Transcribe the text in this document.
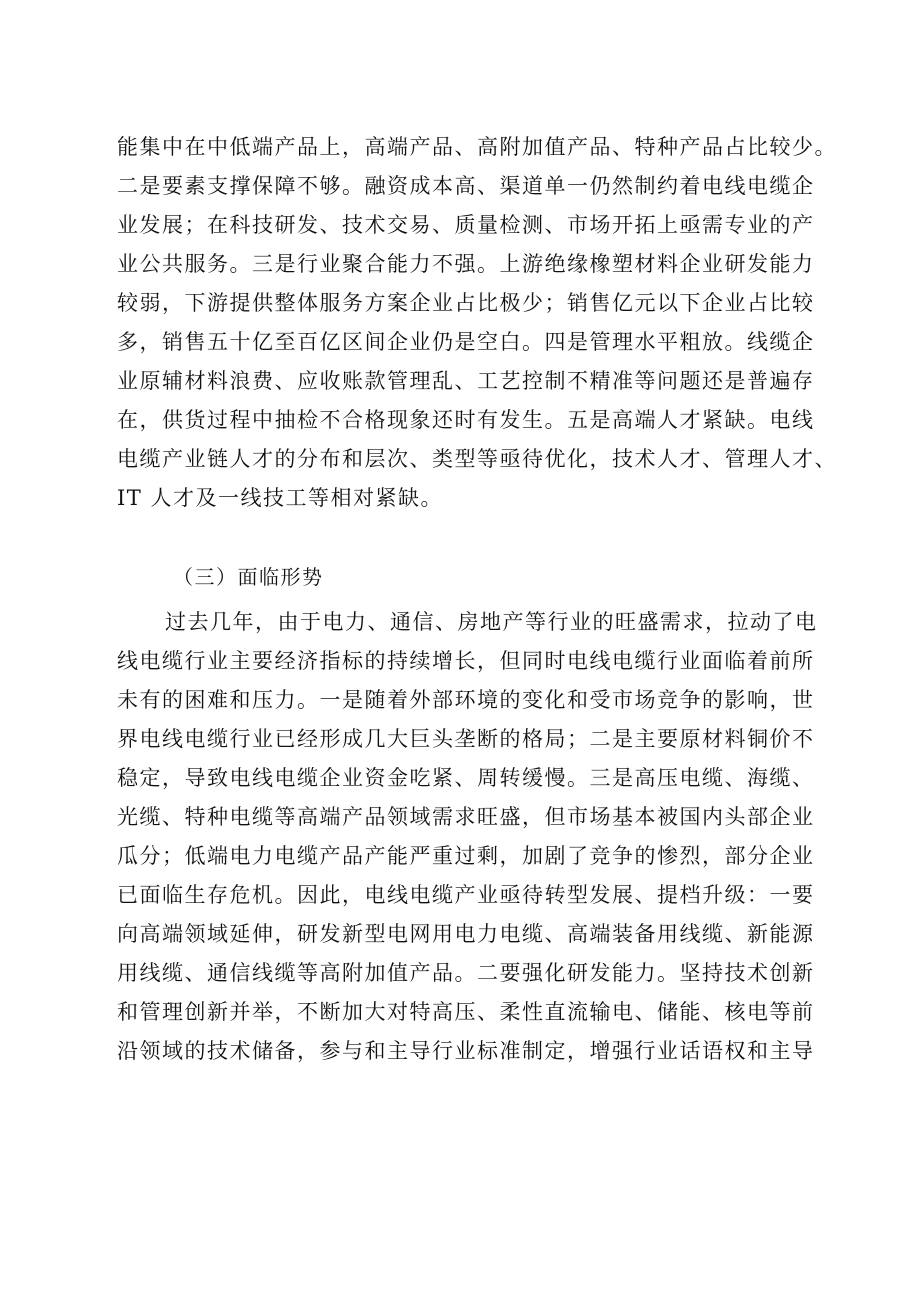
能集中在中低端产品上，高端产品、高附加值产品、特种产品占比较少。
二是要素支撑保障不够。融资成本高、渠道单一仍然制约着电线电缆企
业发展；在科技研发、技术交易、质量检测、市场开拓上亟需专业的产
业公共服务。三是行业聚合能力不强。上游绝缘橡塑材料企业研发能力
较弱，下游提供整体服务方案企业占比极少；销售亿元以下企业占比较
多，销售五十亿至百亿区间企业仍是空白。四是管理水平粗放。线缆企
业原辅材料浪费、应收账款管理乱、工艺控制不精准等问题还是普遍存
在，供货过程中抽检不合格现象还时有发生。五是高端人才紧缺。电线
电缆产业链人才的分布和层次、类型等亟待优化，技术人才、管理人才、
IT 人才及一线技工等相对紧缺。
（三）面临形势
过去几年，由于电力、通信、房地产等行业的旺盛需求，拉动了电
线电缆行业主要经济指标的持续增长，但同时电线电缆行业面临着前所
未有的困难和压力。一是随着外部环境的变化和受市场竞争的影响，世
界电线电缆行业已经形成几大巨头垄断的格局；二是主要原材料铜价不
稳定，导致电线电缆企业资金吃紧、周转缓慢。三是高压电缆、海缆、
光缆、特种电缆等高端产品领域需求旺盛，但市场基本被国内头部企业
瓜分；低端电力电缆产品产能严重过剩，加剧了竞争的惨烈，部分企业
已面临生存危机。因此，电线电缆产业亟待转型发展、提档升级：一要
向高端领域延伸，研发新型电网用电力电缆、高端装备用线缆、新能源
用线缆、通信线缆等高附加值产品。二要强化研发能力。坚持技术创新
和管理创新并举，不断加大对特高压、柔性直流输电、储能、核电等前
沿领域的技术储备，参与和主导行业标准制定，增强行业话语权和主导
